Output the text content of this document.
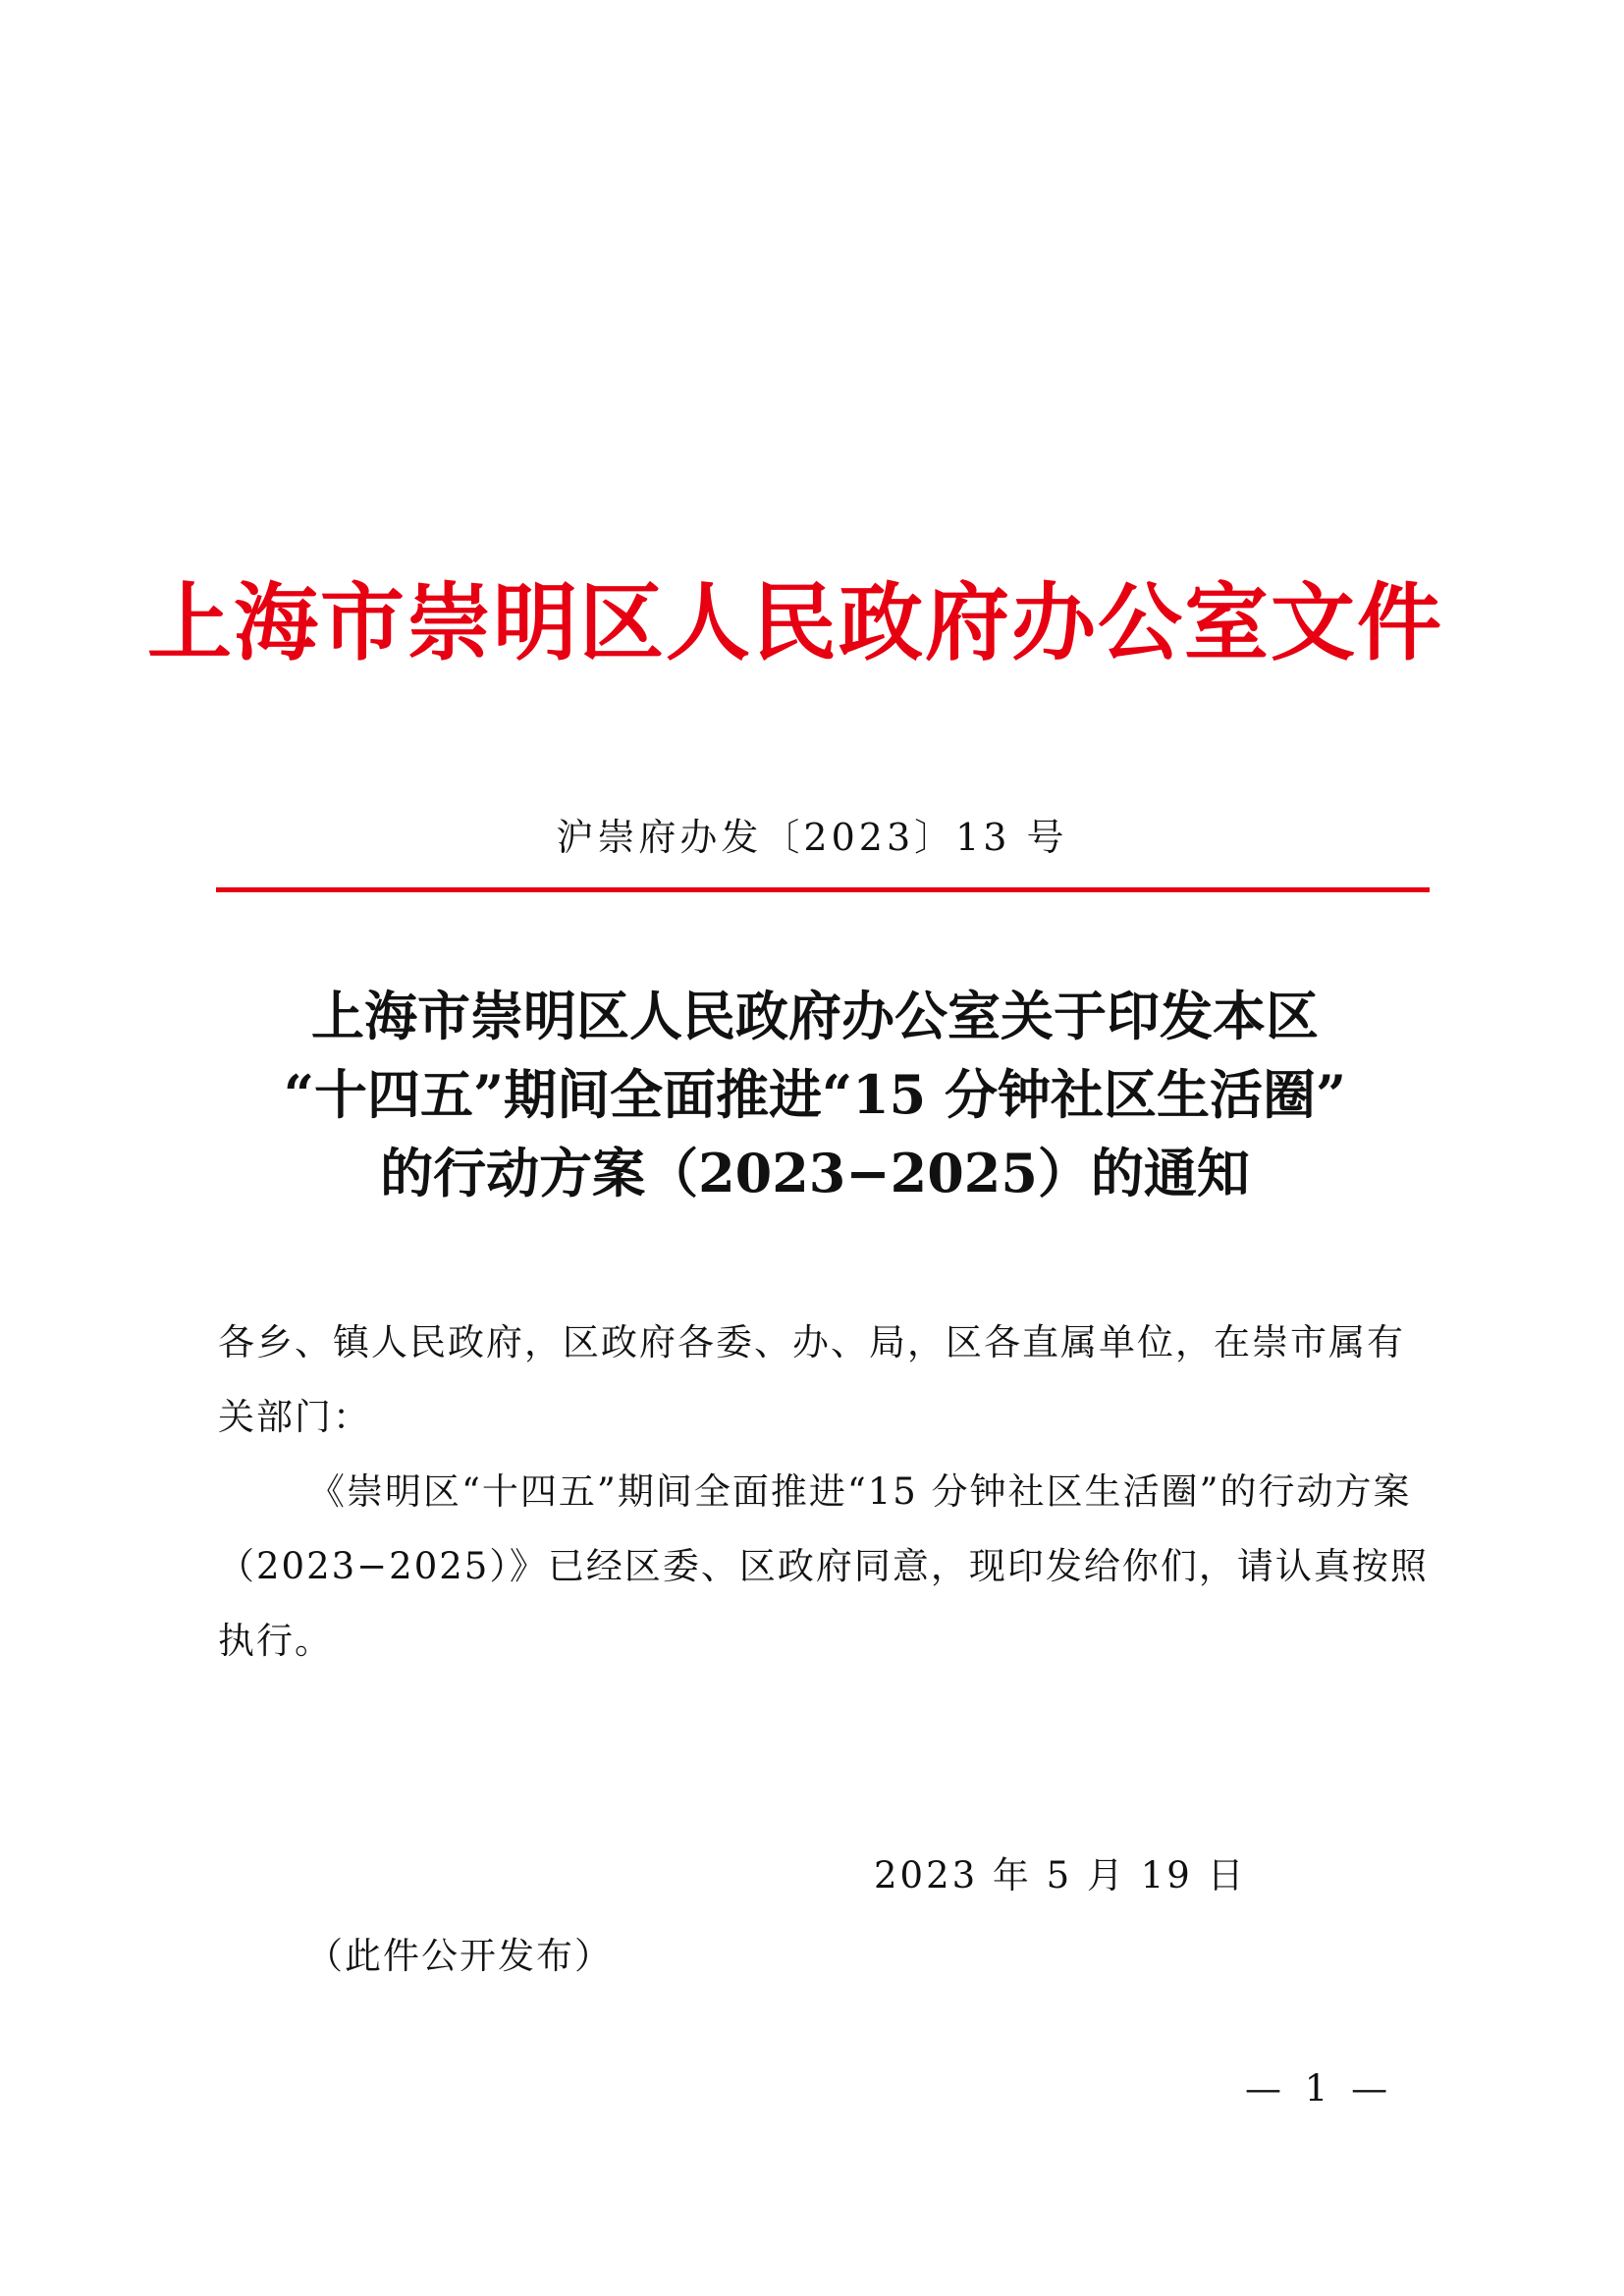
上海市崇明区人民政府办公室文件
沪崇府办发〔2023〕13 号
上海市崇明区人民政府办公室关于印发本区
“十四五”期间全面推进“15 分钟社区生活圈”
的行动方案（2023−2025）的通知

各乡、镇人民政府，区政府各委、办、局，区各直属单位，在崇市属有关部门：

《崇明区“十四五”期间全面推进“15 分钟社区生活圈”的行动方案（2023−2025）》已经区委、区政府同意，现印发给你们，请认真按照执行。

2023 年 5 月 19 日
（此件公开发布）
— 1 —
